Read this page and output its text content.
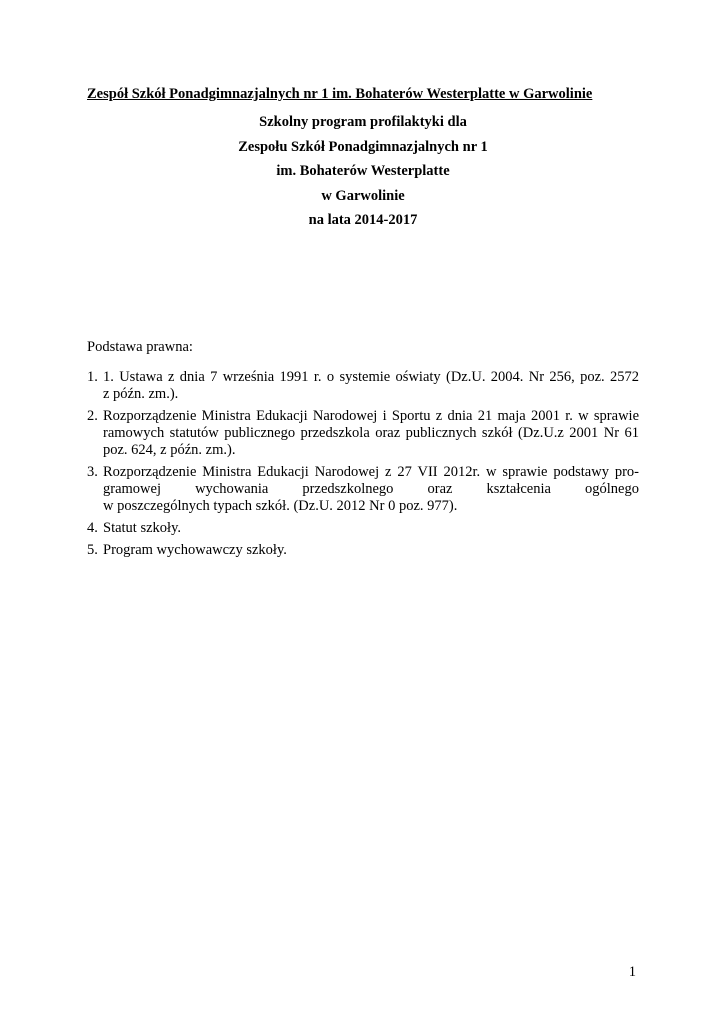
Zespół Szkół Ponadgimnazjalnych nr 1 im. Bohaterów Westerplatte w Garwolinie
Szkolny program profilaktyki dla
Zespołu Szkół Ponadgimnazjalnych nr 1
im. Bohaterów Westerplatte
w Garwolinie
na lata 2014-2017
Podstawa prawna:
1. 1. Ustawa z dnia 7 września 1991 r. o systemie oświaty (Dz.U. 2004. Nr 256, poz. 2572
z późn. zm.).
2. Rozporządzenie Ministra Edukacji Narodowej i Sportu z dnia 21 maja 2001 r. w sprawie
ramowych statutów publicznego przedszkola oraz publicznych szkół (Dz.U.z 2001 Nr 61
poz. 624, z późn. zm.).
3. Rozporządzenie Ministra Edukacji Narodowej z 27 VII 2012r. w sprawie podstawy pro-
gramowej wychowania przedszkolnego oraz kształcenia ogólnego
w poszczególnych typach szkół. (Dz.U. 2012 Nr 0 poz. 977).
4. Statut szkoły.
5. Program wychowawczy szkoły.
1
